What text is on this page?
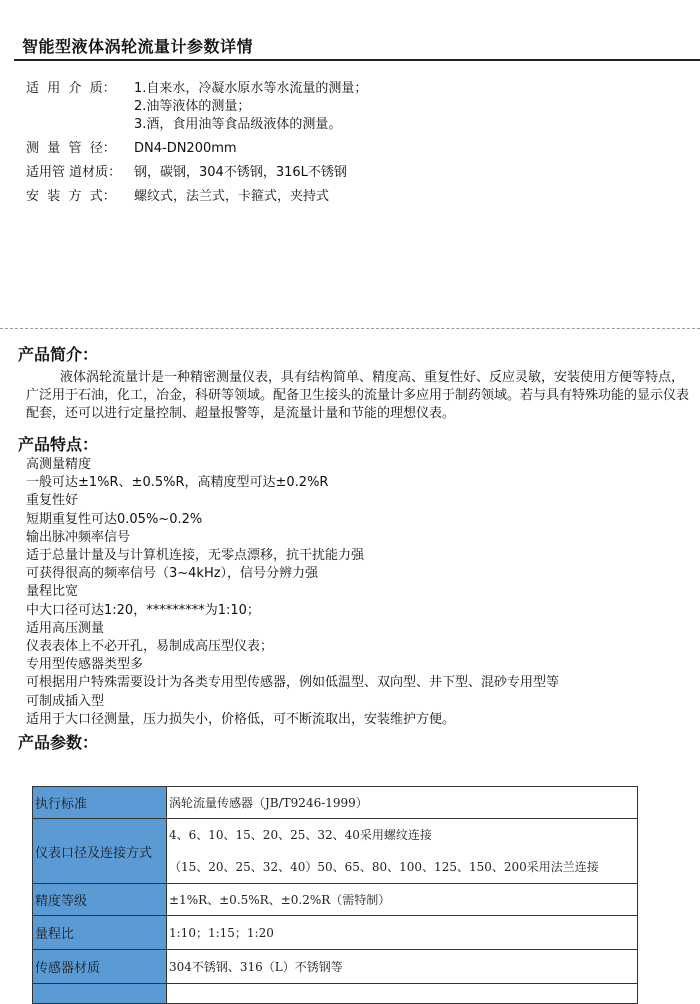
智能型液体涡轮流量计参数详情
适  用  介  质：	1.自来水，冷凝水原水等水流量的测量；
2.油等液体的测量；
3.酒，食用油等食品级液体的测量。
测  量  管  径：	DN4-DN200mm
适用管 道材质： 钢，碳钢，304不锈钢，316L不锈钢
安  装  方  式：	螺纹式，法兰式，卡箍式，夹持式
产品简介：
液体涡轮流量计是一种精密测量仪表，具有结构简单、精度高、重复性好、反应灵敏，安装使用方便等特点，广泛用于石油，化工，冶金，科研等领域。配备卫生接头的流量计多应用于制药领域。若与具有特殊功能的显示仪表配套，还可以进行定量控制、超量报警等，是流量计量和节能的理想仪表。
产品特点：
高测量精度
一般可达±1%R、±0.5%R，高精度型可达±0.2%R
重复性好
短期重复性可达0.05%~0.2%
输出脉冲频率信号
适于总量计量及与计算机连接，无零点漂移，抗干扰能力强
可获得很高的频率信号（3~4kHz），信号分辨力强
量程比宽
中大口径可达1:20，*********为1:10；
适用高压测量
仪表表体上不必开孔，易制成高压型仪表；
专用型传感器类型多
可根据用户特殊需要设计为各类专用型传感器，例如低温型、双向型、井下型、混砂专用型等
可制成插入型
适用于大口径测量，压力损失小，价格低，可不断流取出，安装维护方便。
产品参数：
执行标准	涡轮流量传感器（JB/T9246-1999）
仪表口径及连接方式	4、6、10、15、20、25、32、40采用螺纹连接
（15、20、25、32、40）50、65、80、100、125、150、200采用法兰连接

精度等级	±1%R、±0.5%R、±0.2%R（需特制）
量程比	1:10；1:15；1:20
传感器材质	304不锈钢、316（L）不锈钢等
